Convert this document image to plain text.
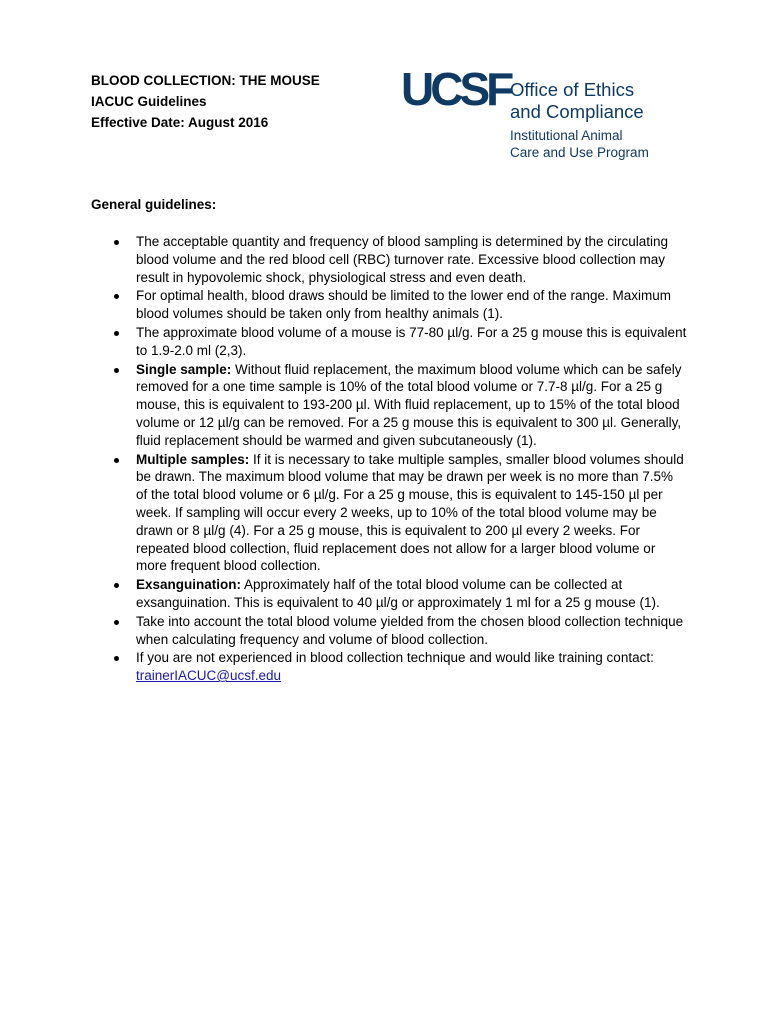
BLOOD COLLECTION: THE MOUSE
IACUC Guidelines
Effective Date: August 2016
UCSF Office of Ethics
and Compliance
Institutional Animal
Care and Use Program
General guidelines:
The acceptable quantity and frequency of blood sampling is determined by the circulating blood volume and the red blood cell (RBC) turnover rate. Excessive blood collection may result in hypovolemic shock, physiological stress and even death.
For optimal health, blood draws should be limited to the lower end of the range. Maximum blood volumes should be taken only from healthy animals (1).
The approximate blood volume of a mouse is 77-80 µl/g. For a 25 g mouse this is equivalent to 1.9-2.0 ml (2,3).
Single sample: Without fluid replacement, the maximum blood volume which can be safely removed for a one time sample is 10% of the total blood volume or 7.7-8 µl/g. For a 25 g mouse, this is equivalent to 193-200 µl. With fluid replacement, up to 15% of the total blood volume or 12 µl/g can be removed. For a 25 g mouse this is equivalent to 300 µl. Generally, fluid replacement should be warmed and given subcutaneously (1).
Multiple samples: If it is necessary to take multiple samples, smaller blood volumes should be drawn. The maximum blood volume that may be drawn per week is no more than 7.5% of the total blood volume or 6 µl/g. For a 25 g mouse, this is equivalent to 145-150 µl per week. If sampling will occur every 2 weeks, up to 10% of the total blood volume may be drawn or 8 µl/g (4). For a 25 g mouse, this is equivalent to 200 µl every 2 weeks. For repeated blood collection, fluid replacement does not allow for a larger blood volume or more frequent blood collection.
Exsanguination: Approximately half of the total blood volume can be collected at exsanguination. This is equivalent to 40 µl/g or approximately 1 ml for a 25 g mouse (1).
Take into account the total blood volume yielded from the chosen blood collection technique when calculating frequency and volume of blood collection.
If you are not experienced in blood collection technique and would like training contact: trainerIACUC@ucsf.edu
